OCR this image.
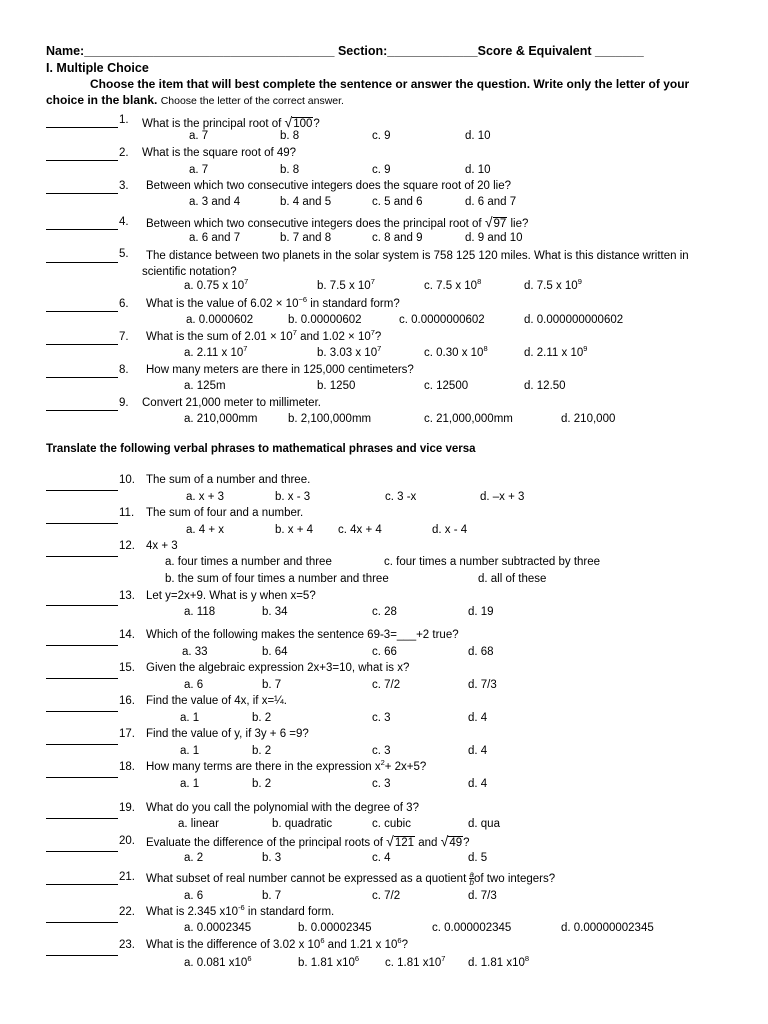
Name:____________________________________ Section:_____________Score & Equivalent _______
I. Multiple Choice
Choose the item that will best complete the sentence or answer the question. Write only the letter of your choice in the blank. Choose the letter of the correct answer.
1. What is the principal root of √100?
a. 7	b. 8	c. 9	d. 10
2. What is the square root of 49?
a. 7	b. 8	c. 9	d. 10
3. Between which two consecutive integers does the square root of 20 lie?
a. 3 and 4	b. 4 and 5	c. 5 and 6	d. 6 and 7
4. Between which two consecutive integers does the principal root of √97 lie?
a. 6 and 7	b. 7 and 8	c. 8 and 9	d. 9 and 10
5.	The distance between two planets in the solar system is 758 125 120 miles. What is this distance written in scientific notation?
a. 0.75 x $10^7$	b. 7.5 x $10^7$	c. 7.5 x $10^8$	d. 7.5 x $10^9$
6. What is the value of $6.02 \times 10^{-6}$ in standard form?
a. 0.0000602	b. 0.00000602	c. 0.0000000602	d. 0.000000000602
7. What is the sum of $2.01 \times 10^7$ and $1.02 \times 10^7$?
a. 2.11 x $10^7$	b. 3.03 x $10^7$	c. 0.30 x $10^8$	d. 2.11 x $10^9$
8. How many meters are there in 125,000 centimeters?
a. 125m	b. 1250	c. 12500	d. 12.50
9. Convert 21,000 meter to millimeter.
a. 210,000mm	b. 2,100,000mm	c. 21,000,000mm	d. 210,000
Translate the following verbal phrases to mathematical phrases and vice versa
10. The sum of a number and three.
a. x + 3	b. x - 3	c. 3 -x	d. –x + 3
11. The sum of four and a number.
a. 4 + x	b. x + 4 c. 4x + 4	d. x - 4
12. 4x + 3
a. four times a number and three	c. four times a number subtracted by three
b. the sum of four times a number and three	d. all of these
13. Let y=2x+9. What is y when x=5?
a. 118	b. 34	c. 28	d. 19
14. Which of the following makes the sentence 69-3=___+2 true?
a. 33	b. 64	c. 66	d. 68
15. Given the algebraic expression 2x+3=10, what is x?
a. 6	b. 7	c. 7/2	d. 7/3
16. Find the value of 4x, if x=¼.
a. 1	b. 2	c. 3	d. 4
17. Find the value of y, if 3y + 6 =9?
a. 1	b. 2	c. 3	d. 4
18. How many terms are there in the expression $x^2+ 2x+5$?
a. 1	b. 2	c. 3	d. 4
19. What do you call the polynomial with the degree of 3?
a. linear	b. quadratic	c. cubic	d. qua
20. Evaluate the difference of the principal roots of √121 and √49?
a. 2	b. 3	c. 4	d. 5
21. What subset of real number cannot be expressed as a quotient $\frac{a}{b}$ of two integers?
a. 6	b. 7	c. 7/2	d. 7/3
22. What is 2.345 $x10^{-6}$ in standard form.
a. 0.0002345	b. 0.00002345	c. 0.000002345	d. 0.00000002345
23. What is the difference of 3.02 x $10^6$ and 1.21 x $10^6$?
a. 0.081 $x10^6$	b. 1.81 $x10^6$ c. 1.81 $x10^7$ d. 1.81 $x10^8$
